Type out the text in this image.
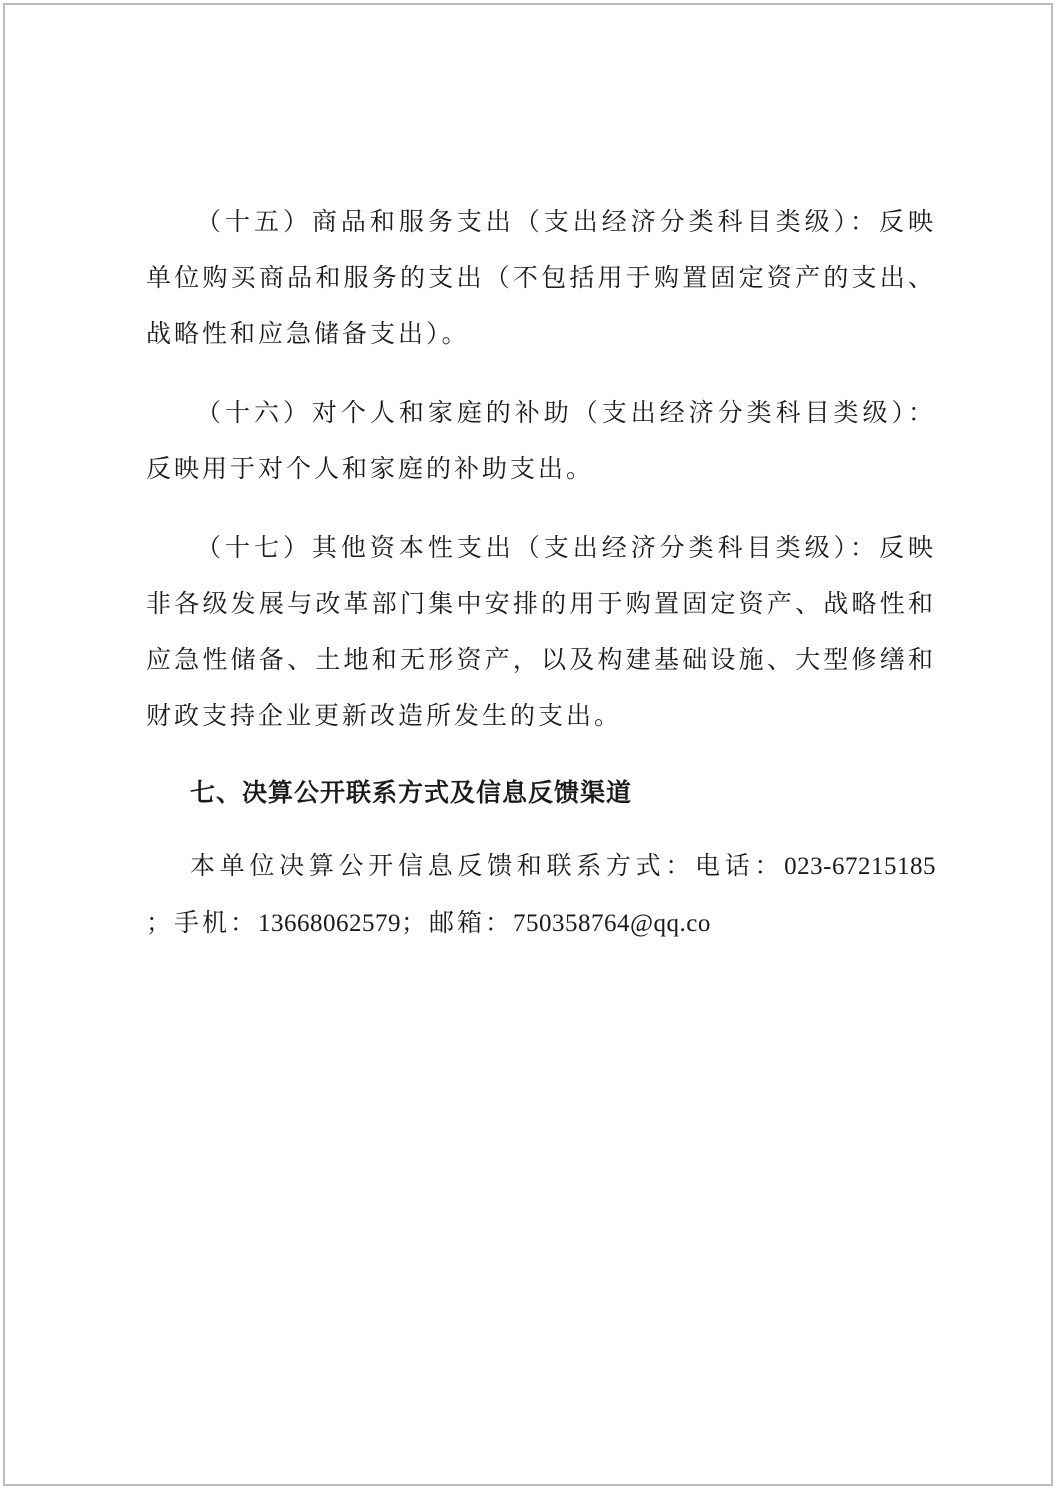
（十五）商品和服务支出（支出经济分类科目类级）：反映单位购买商品和服务的支出（不包括用于购置固定资产的支出、战略性和应急储备支出）。

（十六）对个人和家庭的补助（支出经济分类科目类级）：反映用于对个人和家庭的补助支出。

（十七）其他资本性支出（支出经济分类科目类级）：反映非各级发展与改革部门集中安排的用于购置固定资产、战略性和应急性储备、土地和无形资产，以及构建基础设施、大型修缮和财政支持企业更新改造所发生的支出。

七、决算公开联系方式及信息反馈渠道

本单位决算公开信息反馈和联系方式：电话：023-67215185 ；手机：13668062579；邮箱：750358764@qq.co
